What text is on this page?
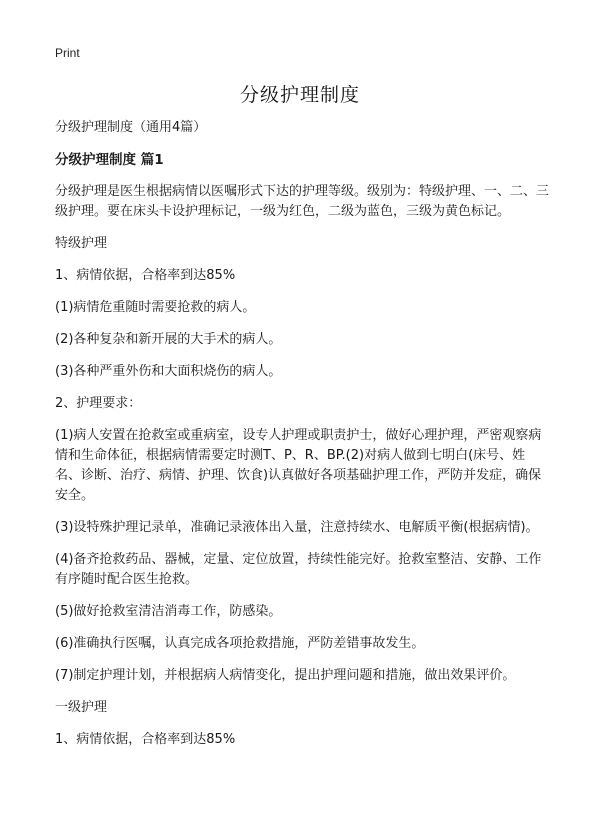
Print
分级护理制度

分级护理制度（通用4篇）

分级护理制度 篇1

分级护理是医生根据病情以医嘱形式下达的护理等级。级别为：特级护理、一、二、三级护理。要在床头卡设护理标记，一级为红色，二级为蓝色，三级为黄色标记。

特级护理

1、病情依据，合格率到达85%

(1)病情危重随时需要抢救的病人。

(2)各种复杂和新开展的大手术的病人。

(3)各种严重外伤和大面积烧伤的病人。

2、护理要求：

(1)病人安置在抢救室或重病室，设专人护理或职责护士，做好心理护理，严密观察病情和生命体征，根据病情需要定时测T、P、R、BP.(2)对病人做到七明白(床号、姓名、诊断、治疗、病情、护理、饮食)认真做好各项基础护理工作，严防并发症，确保安全。

(3)设特殊护理记录单，准确记录液体出入量，注意持续水、电解质平衡(根据病情)。

(4)备齐抢救药品、器械，定量、定位放置，持续性能完好。抢救室整洁、安静、工作有序随时配合医生抢救。

(5)做好抢救室清洁消毒工作，防感染。

(6)准确执行医嘱，认真完成各项抢救措施，严防差错事故发生。

(7)制定护理计划，并根据病人病情变化，提出护理问题和措施，做出效果评价。

一级护理

1、病情依据，合格率到达85%
